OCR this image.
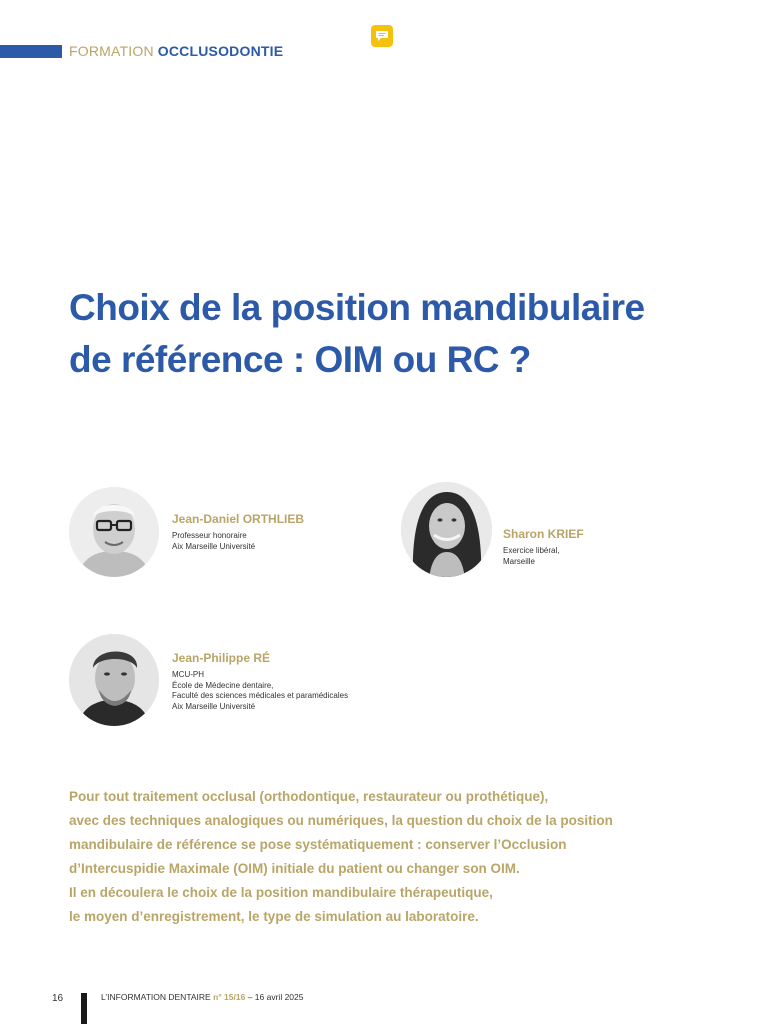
FORMATION OCCLUSODONTIE
Choix de la position mandibulaire
de référence : OIM ou RC ?
Jean-Daniel ORTHLIEB
Professeur honoraire
Aix Marseille Université
Sharon KRIEF
Exercice libéral,
Marseille
Jean-Philippe RÉ
MCU-PH
École de Médecine dentaire,
Faculté des sciences médicales et paramédicales
Aix Marseille Université
Pour tout traitement occlusal (orthodontique, restaurateur ou prothétique),
avec des techniques analogiques ou numériques, la question du choix de la position
mandibulaire de référence se pose systématiquement : conserver l’Occlusion
d’Intercuspidie Maximale (OIM) initiale du patient ou changer son OIM.
Il en découlera le choix de la position mandibulaire thérapeutique,
le moyen d’enregistrement, le type de simulation au laboratoire.
16	L’INFORMATION DENTAIRE n° 15/16 – 16 avril 2025
